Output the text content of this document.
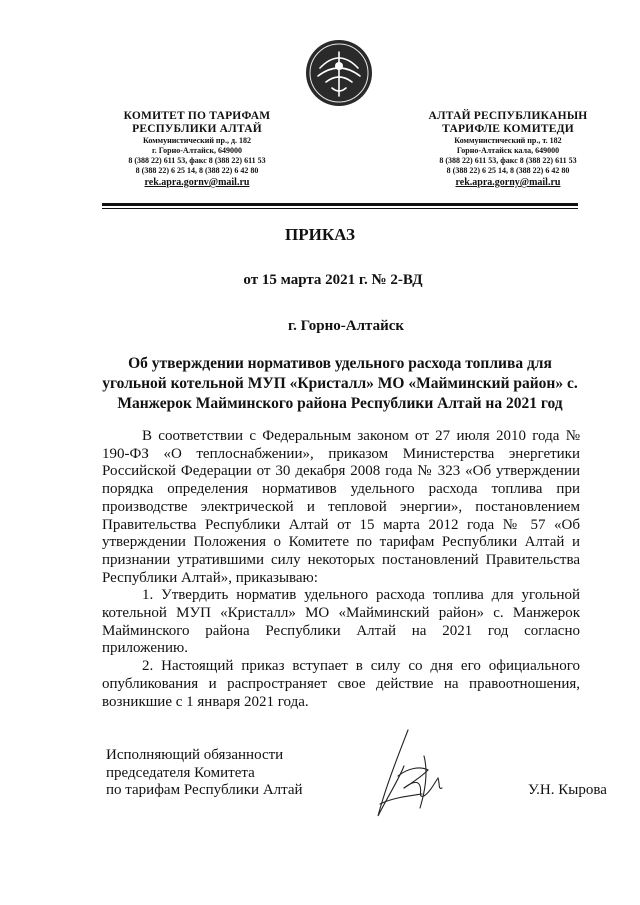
КОМИТЕТ ПО ТАРИФАМ
РЕСПУБЛИКИ АЛТАЙ
Коммунистический пр., д. 182
г. Горно-Алтайск, 649000
8 (388 22) 611 53, факс 8 (388 22) 611 53
8 (388 22) 6 25 14, 8 (388 22) 6 42 80
rek.apra.gornv@mail.ru
АЛТАЙ РЕСПУБЛИКАНЫН
ТАРИФЛЕ КОМИТЕДИ
Коммунистический пр., т. 182
Горно-Алтайск кала, 649000
8 (388 22) 611 53, факс 8 (388 22) 611 53
8 (388 22) 6 25 14, 8 (388 22) 6 42 80
rek.apra.gorny@mail.ru
ПРИКАЗ
от 15 марта 2021 г. № 2-ВД
г. Горно-Алтайск
Об утверждении нормативов удельного расхода топлива для угольной котельной МУП «Кристалл» МО «Майминский район» с. Манжерок Майминского района Республики Алтай на 2021 год

В соответствии с Федеральным законом от 27 июля 2010 года № 190-ФЗ «О теплоснабжении», приказом Министерства энергетики Российской Федерации от 30 декабря 2008 года № 323 «Об утверждении порядка определения нормативов удельного расхода топлива при производстве электрической и тепловой энергии», постановлением Правительства Республики Алтай от 15 марта 2012 года № 57 «Об утверждении Положения о Комитете по тарифам Республики Алтай и признании утратившими силу некоторых постановлений Правительства Республики Алтай», приказываю:

1. Утвердить норматив удельного расхода топлива для угольной котельной МУП «Кристалл» МО «Майминский район» с. Манжерок Майминского района Республики Алтай на 2021 год согласно приложению.

2. Настоящий приказ вступает в силу со дня его официального опубликования и распространяет свое действие на правоотношения, возникшие с 1 января 2021 года.

Исполняющий обязанности
председателя Комитета
по тарифам Республики Алтай	У.Н. Кырова
